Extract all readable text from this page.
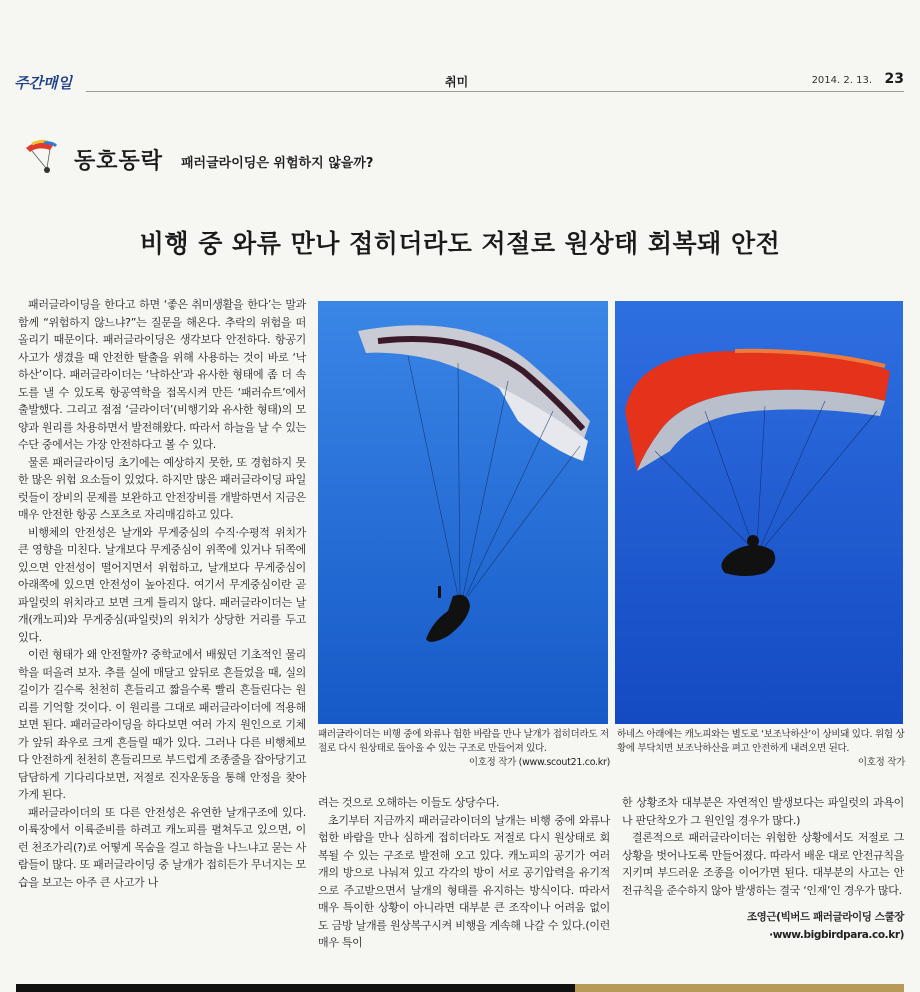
주간매일	취미	2014. 2. 13. 23
동호동락 패러글라이딩은 위험하지 않을까?
비행 중 와류 만나 접히더라도 저절로 원상태 회복돼 안전

패러글라이딩을 한다고 하면 ‘좋은 취미생활을 한다’는 말과 함께 “위험하지 않느냐?”는 질문을 해온다. 추락의 위험을 떠올리기 때문이다. 패러글라이딩은 생각보다 안전하다. 항공기 사고가 생겼을 때 안전한 탈출을 위해 사용하는 것이 바로 ‘낙하산’이다. 패러글라이더는 ‘낙하산’과 유사한 형태에 좀 더 속도를 낼 수 있도록 항공역학을 접목시켜 만든 ‘패러슈트’에서 출발했다. 그리고 점점 ‘글라이더’(비행기와 유사한 형태)의 모양과 원리를 차용하면서 발전해왔다. 따라서 하늘을 날 수 있는 수단 중에서는 가장 안전하다고 볼 수 있다.

물론 패러글라이딩 초기에는 예상하지 못한, 또 경험하지 못한 많은 위험 요소들이 있었다. 하지만 많은 패러글라이딩 파일럿들이 장비의 문제를 보완하고 안전장비를 개발하면서 지금은 매우 안전한 항공 스포츠로 자리매김하고 있다.

비행체의 안전성은 날개와 무게중심의 수직·수평적 위치가 큰 영향을 미친다. 날개보다 무게중심이 위쪽에 있거나 뒤쪽에 있으면 안전성이 떨어지면서 위험하고, 날개보다 무게중심이 아래쪽에 있으면 안전성이 높아진다. 여기서 무게중심이란 곧 파일럿의 위치라고 보면 크게 틀리지 않다. 패러글라이더는 날개(캐노피)와 무게중심(파일럿)의 위치가 상당한 거리를 두고 있다.

이런 형태가 왜 안전할까? 중학교에서 배웠던 기초적인 물리학을 떠올려 보자. 추를 실에 매달고 앞뒤로 흔들었을 때, 실의 길이가 길수록 천천히 흔들리고 짧을수록 빨리 흔들린다는 원리를 기억할 것이다. 이 원리를 그대로 패러글라이더에 적용해 보면 된다. 패러글라이딩을 하다보면 여러 가지 원인으로 기체가 앞뒤 좌우로 크게 흔들릴 때가 있다. 그러나 다른 비행체보다 안전하게 천천히 흔들리므로 부드럽게 조종줄을 잡아당기고 담담하게 기다리다보면, 저절로 진자운동을 통해 안정을 찾아가게 된다.

패러글라이더의 또 다른 안전성은 유연한 날개구조에 있다. 이륙장에서 이륙준비를 하려고 캐노피를 펼쳐두고 있으면, 이런 천조가리(?)로 어떻게 목숨을 걸고 하늘을 나느냐고 묻는 사람들이 많다. 또 패러글라이딩 중 날개가 접히든가 무너지는 모습을 보고는 아주 큰 사고가 나

패러글라이더는 비행 중에 와류나 험한 바람을 만나 날개가 접히더라도 저절로 다시 원상태로 돌아올 수 있는 구조로 만들어져 있다.
이호정 작가 (www.scout21.co.kr)
하네스 아래에는 캐노피와는 별도로 ‘보조낙하산’이 상비돼 있다. 위험 상황에 부닥치면 보조낙하산을 펴고 안전하게 내려오면 된다.
이호정 작가

려는 것으로 오해하는 이들도 상당수다.

초기부터 지금까지 패러글라이더의 날개는 비행 중에 와류나 험한 바람을 만나 심하게 접히더라도 저절로 다시 원상태로 회복될 수 있는 구조로 발전해 오고 있다. 캐노피의 공기가 여러 개의 방으로 나눠져 있고 각각의 방이 서로 공기압력을 유기적으로 주고받으면서 날개의 형태를 유지하는 방식이다. 따라서 매우 특이한 상황이 아니라면 대부분 큰 조작이나 어려움 없이도 금방 날개를 원상복구시켜 비행을 계속해 나갈 수 있다.(이런 매우 특이

한 상황조차 대부분은 자연적인 발생보다는 파일럿의 과욕이나 판단착오가 그 원인일 경우가 많다.)

결론적으로 패러글라이더는 위험한 상황에서도 저절로 그 상황을 벗어나도록 만들어졌다. 따라서 배운 대로 안전규칙을 지키며 부드러운 조종을 이어가면 된다. 대부분의 사고는 안전규칙을 준수하지 않아 발생하는 결국 ‘인재’인 경우가 많다.

조영근(빅버드 패러글라이딩 스쿨장·www.bigbirdpara.co.kr)
